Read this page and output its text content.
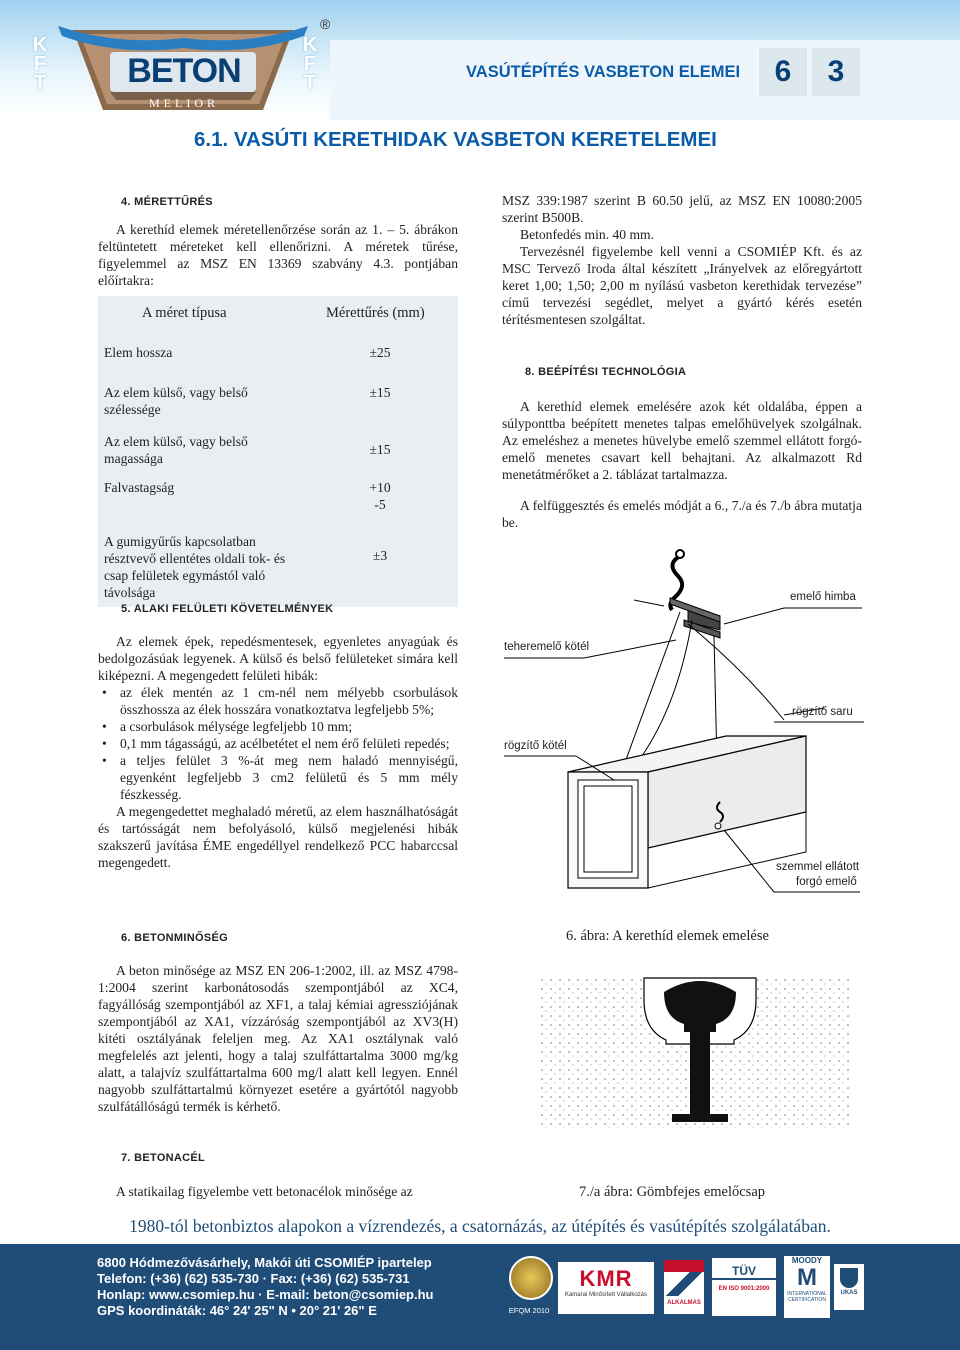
BETON
MELIOR
K
F
T
K
F
T
®
VASÚTÉPÍTÉS VASBETON ELEMEI	6	3
6.1. VASÚTI KERETHIDAK VASBETON KERETELEMEI
4. MÉRETTŰRÉS

A kerethíd elemek méretellenőrzése során az 1. – 5. ábrákon feltüntetett méreteket kell ellenőrizni. A méretek tűrése, figyelemmel az MSZ EN 13369 szabvány 4.3. pontjában előírtakra:

A méret típusa	Mérettűrés (mm)
Elem hossza	±25
Az elem külső, vagy belső szélessége	±15
Az elem külső, vagy belső magassága	±15
Falvastagság	+10
-5

A gumigyűrűs kapcsolatban résztvevő ellentétes oldali tok- és csap felületek egymástól való távolsága	±3
5. ALAKI FELÜLETI KÖVETELMÉNYEK

Az elemek épek, repedésmentesek, egyenletes anyagúak és bedolgozásúak legyenek. A külső és belső felületeket simára kell kiképezni. A megengedett felületi hibák:

• az élek mentén az 1 cm-nél nem mélyebb csorbulások összhossza az élek hosszára vonatkoztatva legfeljebb 5%;
• a csorbulások mélysége legfeljebb 10 mm;
• 0,1 mm tágasságú, az acélbetétet el nem érő felületi repedés;
• a teljes felület 3 %-át meg nem haladó mennyiségű, egyenként legfeljebb 3 cm2 felületű és 5 mm mély fészkesség.

A megengedettet meghaladó méretű, az elem használhatóságát és tartósságát nem befolyásoló, külső megjelenési hibák szakszerű javítása ÉME engedéllyel rendelkező PCC habarccsal megengedett.

6. BETONMINŐSÉG

A beton minősége az MSZ EN 206-1:2002, ill. az MSZ 4798-1:2004 szerint karbonátosodás szempontjából az XC4, fagyállóság szempontjából az XF1, a talaj kémiai agressziójának szempontjából az XA1, vízzáróság szempontjából az XV3(H) kitéti osztályának feleljen meg. Az XA1 osztálynak való megfelelés azt jelenti, hogy a talaj szulfáttartalma 3000 mg/kg alatt, a talajvíz szulfáttartalma 600 mg/l alatt kell legyen. Ennél nagyobb szulfáttartalmú környezet esetére a gyártótól nagyobb szulfátállóságú termék is kérhető.

7. BETONACÉL

A statikailag figyelembe vett betonacélok minősége az

MSZ 339:1987 szerint B 60.50 jelű, az MSZ EN 10080:2005 szerint B500B.

Betonfedés min. 40 mm.

Tervezésnél figyelembe kell venni a CSOMIÉP Kft. és az MSC Tervező Iroda által készített „Irányelvek az előregyártott keret 1,00; 1,50; 2,00 m nyílású vasbeton kerethidak tervezése” című tervezési segédlet, melyet a gyártó kérés esetén térítésmentesen szolgáltat.

8. BEÉPÍTÉSI TECHNOLÓGIA

A kerethíd elemek emelésére azok két oldalába, éppen a súlyponttba beépített menetes talpas emelőhüvelyek szolgálnak. Az emeléshez a menetes hüvelybe emelő szemmel ellátott forgó-emelő menetes csavart kell behajtani. Az alkalmazott Rd menetátmérőket a 2. táblázat tartalmazza.

A felfüggesztés és emelés módját a 6., 7./a és 7./b ábra mutatja be.

emelő himba
teheremelő kötél
rögzítő saru
rögzítő kötél
szemmel ellátott
forgó emelő
6. ábra: A kerethíd elemek emelése
7./a ábra: Gömbfejes emelőcsap
1980-tól betonbiztos alapokon a vízrendezés, a csatornázás, az útépítés és vasútépítés szolgálatában.
6800 Hódmezővásárhely, Makói úti CSOMIÉP ipartelep
Telefon: (+36) (62) 535-730 · Fax: (+36) (62) 535-731
Honlap: www.csomiep.hu · E-mail: beton@csomiep.hu
GPS koordináták: 46° 24' 25" N • 20° 21' 26" E	EFQM 2010
KMR
Kamarai Minősített Vállalkozás
ALKALMAS
TÜV
EN ISO 9001:2000
MOODY
M
INTERNATIONAL CERTIFICATION
UKAS
